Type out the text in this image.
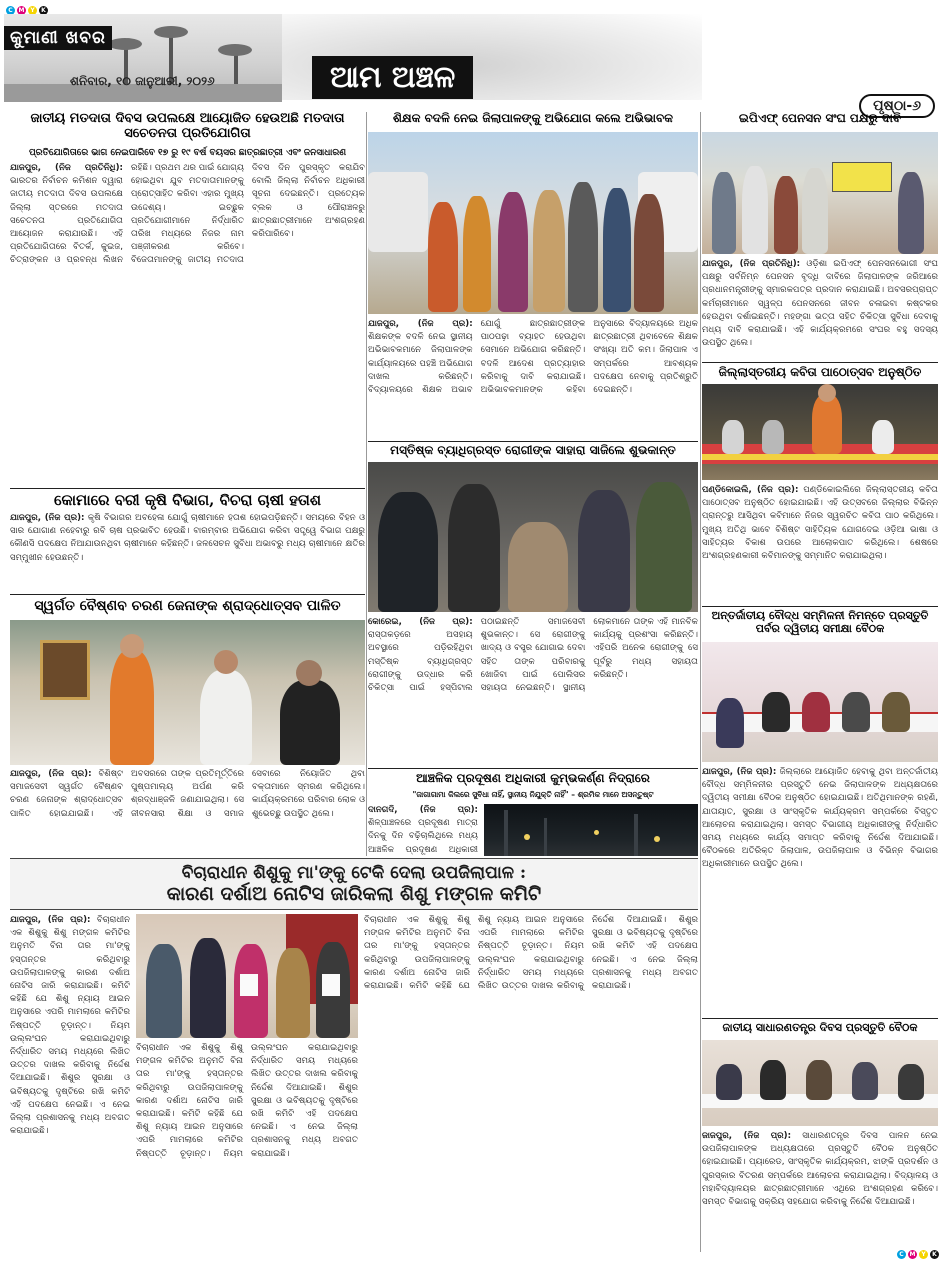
C M Y	K
କୁମାଣୀ ଖବର
ଶନିବାର, ୧୦ ଜାନୁଆରୀ, ୨୦୨୬	ଆମ ଅଞ୍ଚଳ
ପୃଷ୍ଠା-୬
ଜାତୀୟ ମତଦାତା ଦିବସ ଉପଲକ୍ଷେ ଆୟୋଜିତ ହେଉଅଛି ମତଦାତା ସଚେତନତା ପ୍ରତିଯୋଗିତା
ପ୍ରତିଯୋଗିତାରେ ଭାଗ ନେଇପାରିବେ ୧୭ ରୁ ୧୯ ବର୍ଷ ବୟସର ଛାତ୍ରଛାତ୍ରୀ ଏବଂ ଜନସାଧାରଣ
ଯାଜପୁର, (ନିଜ ପ୍ରତିନିଧି): ଭାରତର ନିର୍ବାଚନ କମିଶନ ଦ୍ୱାରା ଜାତୀୟ ମତଦାତା ଦିବସ ଉପଲକ୍ଷେ ଜିଲ୍ଲା ସ୍ତରରେ ମତଦାତା ସଚେତନତା ପ୍ରତିଯୋଗିତା ଆୟୋଜନ କରାଯାଉଛି। ଏହି ପ୍ରତିଯୋଗିତାରେ ବିତର୍କ, କୁଇଜ, ଚିତ୍ରାଙ୍କନ ଓ ପ୍ରବନ୍ଧ ଲିଖନ ରହିଛି। ପ୍ରଥମ ଥର ପାଇଁ ଯୋଗ୍ୟ ହୋଇଥିବା ଯୁବ ମତଦାତାମାନଙ୍କୁ ପ୍ରୋତ୍ସାହିତ କରିବା ଏହାର ମୁଖ୍ୟ ଉଦ୍ଦେଶ୍ୟ। ଇଚ୍ଛୁକ ପ୍ରତିଯୋଗୀମାନେ ନିର୍ଦ୍ଧାରିତ ତାରିଖ ମଧ୍ୟରେ ନିଜର ନାମ ପଞ୍ଜୀକରଣ କରିବେ। ବିଜେତାମାନଙ୍କୁ ଜାତୀୟ ମତଦାତା ଦିବସ ଦିନ ପୁରସ୍କୃତ କରାଯିବ ବୋଲି ଜିଲ୍ଲା ନିର୍ବାଚନ ଅଧିକାରୀ ସୂଚନା ଦେଇଛନ୍ତି। ପ୍ରତ୍ୟେକ ବ୍ଲକ ଓ ପୌରାଞ୍ଚଳରୁ ଛାତ୍ରଛାତ୍ରୀମାନେ ଅଂଶଗ୍ରହଣ କରିପାରିବେ।
କୋମାରେ ବରୀ କୃଷି ବିଭାଗ, ବିଚରା ଚାଷୀ ହତାଶ
ଯାଜପୁର, (ନିଜ ପ୍ର): କୃଷି ବିଭାଗର ଅବହେଳା ଯୋଗୁଁ ଚାଷୀମାନେ ହତାଶ ହୋଇପଡ଼ିଛନ୍ତି। ସମୟରେ ବିହନ ଓ ସାର ଯୋଗାଣ ନହେବାରୁ ରବି ଚାଷ ପ୍ରଭାବିତ ହେଉଛି। ବାରମ୍ବାର ଅଭିଯୋଗ କରିବା ସତ୍ତ୍ୱେ ବିଭାଗ ପକ୍ଷରୁ କୌଣସି ପଦକ୍ଷେପ ନିଆଯାଉନଥିବା ଚାଷୀମାନେ କହିଛନ୍ତି। ଜଳସେଚନ ସୁବିଧା ଅଭାବରୁ ମଧ୍ୟ ଚାଷୀମାନେ କ୍ଷତିର ସମ୍ମୁଖୀନ ହେଉଛନ୍ତି।
ସ୍ୱର୍ଗତ ବୈଷ୍ଣବ ଚରଣ ଜେନାଙ୍କ ଶ୍ରାଦ୍ଧୋତ୍ସବ ପାଳିତ
ଯାଜପୁର, (ନିଜ ପ୍ର): ବିଶିଷ୍ଟ ସମାଜସେବୀ ସ୍ୱର୍ଗତ ବୈଷ୍ଣବ ଚରଣ ଜେନାଙ୍କ ଶ୍ରାଦ୍ଧୋତ୍ସବ ପାଳିତ ହୋଇଯାଇଛି। ଏହି ଅବସରରେ ତାଙ୍କ ପ୍ରତିମୂର୍ତ୍ତିରେ ପୁଷ୍ପମାଲ୍ୟ ଅର୍ପଣ କରି ଶ୍ରଦ୍ଧାଞ୍ଜଳି ଜଣାଯାଇଥିଲା। ସେ ଜୀବନସାରା ଶିକ୍ଷା ଓ ସମାଜ ସେବାରେ ନିୟୋଜିତ ଥିବା ବକ୍ତାମାନେ ସ୍ମରଣ କରିଥିଲେ। କାର୍ଯ୍ୟକ୍ରମରେ ପରିବାର ଲୋକ ଓ ଶୁଭେଚ୍ଛୁ ଉପସ୍ଥିତ ଥିଲେ।
ଶିକ୍ଷକ ବଦଳି ନେଇ ଜିଲାପାଳଙ୍କୁ ଅଭିଯୋଗ କଲେ ଅଭିଭାବକ
ଯାଜପୁର, (ନିଜ ପ୍ର): ଶିକ୍ଷକଙ୍କ ବଦଳି ନେଇ ସ୍ଥାନୀୟ ଅଭିଭାବକମାନେ ଜିଲାପାଳଙ୍କ କାର୍ଯ୍ୟାଳୟରେ ପହଞ୍ଚି ଅଭିଯୋଗ ଦାଖଲ କରିଛନ୍ତି। ବିଦ୍ୟାଳୟରେ ଶିକ୍ଷକ ଅଭାବ ଯୋଗୁଁ ଛାତ୍ରଛାତ୍ରୀଙ୍କ ପାଠପଢ଼ା ବ୍ୟାହତ ହେଉଥିବା ସେମାନେ ଅଭିଯୋଗ କରିଛନ୍ତି। ବଦଳି ଆଦେଶ ପ୍ରତ୍ୟାହାର କରିବାକୁ ଦାବି କରାଯାଇଛି। ଅଭିଭାବକମାନଙ୍କ କହିବା ଅନୁସାରେ ବିଦ୍ୟାଳୟରେ ଅଧିକ ଛାତ୍ରଛାତ୍ରୀ ଥିବାବେଳେ ଶିକ୍ଷକ ସଂଖ୍ୟା ଅତି କମ। ଜିଲାପାଳ ଏ ସମ୍ପର୍କରେ ଆବଶ୍ୟକ ପଦକ୍ଷେପ ନେବାକୁ ପ୍ରତିଶ୍ରୁତି ଦେଇଛନ୍ତି।
ମସ୍ତିଷ୍କ ବ୍ୟାଧିଗ୍ରସ୍ତ ରୋଗୀଙ୍କ ସାହାରା ସାଜିଲେ ଶୁଭକାନ୍ତ
କୋରେଇ, (ନିଜ ପ୍ର): ରାସ୍ତାକଡ଼ରେ ଅସହାୟ ଅବସ୍ଥାରେ ପଡ଼ିରହିଥିବା ମସ୍ତିଷ୍କ ବ୍ୟାଧିଗ୍ରସ୍ତ ରୋଗୀଙ୍କୁ ଉଦ୍ଧାର କରି ଚିକିତ୍ସା ପାଇଁ ହସ୍ପିଟାଲ ପଠାଇଛନ୍ତି ସମାଜସେବୀ ଶୁଭକାନ୍ତ। ସେ ରୋଗୀଙ୍କୁ ଖାଦ୍ୟ ଓ ବସ୍ତ୍ର ଯୋଗାଇ ଦେବା ସହିତ ତାଙ୍କ ପରିବାରକୁ ଖୋଜିବା ପାଇଁ ପୋଲିସର ସହାୟତା ନେଇଛନ୍ତି। ସ୍ଥାନୀୟ ଲୋକମାନେ ତାଙ୍କ ଏହି ମାନବିକ କାର୍ଯ୍ୟକୁ ପ୍ରଶଂସା କରିଛନ୍ତି। ଏହିପରି ଅନେକ ରୋଗୀଙ୍କୁ ସେ ପୂର୍ବରୁ ମଧ୍ୟ ସହାୟତା କରିଛନ୍ତି।
ଆଞ୍ଚଳିକ ପ୍ରଦୂଷଣ ଅଧିକାରୀ କୁମ୍ଭକର୍ଣ୍ଣ ନିଦ୍ରାରେ
"ଜାଗାଗାମା କିଲରେ ସୁବିଧା ନାହିଁ, ସ୍ଥାନୀୟ ନିଯୁକ୍ତି ନାହିଁ" – ଶ୍ରମିକ ମାନେ ଅସନ୍ତୁଷ୍ଟ
ଦାନଗଦି, (ନିଜ ପ୍ର): ଶିଳ୍ପାଞ୍ଚଳରେ ପ୍ରଦୂଷଣ ମାତ୍ରା ଦିନକୁ ଦିନ ବଢ଼ିଚାଲିଥିଲେ ମଧ୍ୟ ଆଞ୍ଚଳିକ ପ୍ରଦୂଷଣ ଅଧିକାରୀ
ଇପିଏଫ୍ ପେନସନ ସଂଘ ପକ୍ଷରୁ ଦାବି
ଯାଜପୁର, (ନିଜ ପ୍ରତିନିଧି): ଓଡ଼ିଶା ଇପିଏଫ୍ ପେନସନଭୋଗୀ ସଂଘ ପକ୍ଷରୁ ସର୍ବନିମ୍ନ ପେନସନ ବୃଦ୍ଧି ଦାବିରେ ଜିଲାପାଳଙ୍କ ଜରିଆରେ ପ୍ରଧାନମନ୍ତ୍ରୀଙ୍କୁ ସ୍ମାରକପତ୍ର ପ୍ରଦାନ କରାଯାଇଛି। ଅବସରପ୍ରାପ୍ତ କର୍ମଚାରୀମାନେ ସ୍ୱଳ୍ପ ପେନସନରେ ଜୀବନ ଚଳାଇବା କଷ୍ଟକର ହେଉଥିବା ଦର୍ଶାଇଛନ୍ତି। ମହଙ୍ଗା ଭତ୍ତା ସହିତ ଚିକିତ୍ସା ସୁବିଧା ଦେବାକୁ ମଧ୍ୟ ଦାବି କରାଯାଇଛି। ଏହି କାର୍ଯ୍ୟକ୍ରମରେ ସଂଘର ବହୁ ସଦସ୍ୟ ଉପସ୍ଥିତ ଥିଲେ।
ଜିଲ୍ଲାସ୍ତରୀୟ କବିତା ପାଠୋତ୍ସବ ଅନୁଷ୍ଠିତ
ପଣ୍ଡିକୋଇଲି, (ନିଜ ପ୍ର): ପଣ୍ଡିକୋଇଲିରେ ଜିଲ୍ଲାସ୍ତରୀୟ କବିତା ପାଠୋତ୍ସବ ଅନୁଷ୍ଠିତ ହୋଇଯାଇଛି। ଏହି ଉତ୍ସବରେ ଜିଲ୍ଲାର ବିଭିନ୍ନ ପ୍ରାନ୍ତରୁ ଆସିଥିବା କବିମାନେ ନିଜର ସ୍ୱରଚିତ କବିତା ପାଠ କରିଥିଲେ। ମୁଖ୍ୟ ଅତିଥି ଭାବେ ବିଶିଷ୍ଟ ସାହିତ୍ୟିକ ଯୋଗଦେଇ ଓଡ଼ିଆ ଭାଷା ଓ ସାହିତ୍ୟର ବିକାଶ ଉପରେ ଆଲୋକପାତ କରିଥିଲେ। ଶେଷରେ ଅଂଶଗ୍ରହଣକାରୀ କବିମାନଙ୍କୁ ସମ୍ମାନିତ କରାଯାଇଥିଲା।
ଅନ୍ତର୍ଜାତୀୟ ବୌଦ୍ଧ ସମ୍ମିଳନୀ ନିମନ୍ତେ ପ୍ରସ୍ତୁତି ପର୍ବର ଦ୍ୱିତୀୟ ସମୀକ୍ଷା ବୈଠକ
ଯାଜପୁର, (ନିଜ ପ୍ର): ଜିଲ୍ଲାରେ ଆୟୋଜିତ ହେବାକୁ ଥିବା ଅନ୍ତର୍ଜାତୀୟ ବୌଦ୍ଧ ସମ୍ମିଳନୀର ପ୍ରସ୍ତୁତି ନେଇ ଜିଲାପାଳଙ୍କ ଅଧ୍ୟକ୍ଷତାରେ ଦ୍ୱିତୀୟ ସମୀକ୍ଷା ବୈଠକ ଅନୁଷ୍ଠିତ ହୋଇଯାଇଛି। ଅତିଥିମାନଙ୍କ ରହଣି, ଯାତାୟାତ, ସୁରକ୍ଷା ଓ ସାଂସ୍କୃତିକ କାର୍ଯ୍ୟକ୍ରମ ସମ୍ପର୍କରେ ବିସ୍ତୃତ ଆଲୋଚନା କରାଯାଇଥିଲା। ସମସ୍ତ ବିଭାଗୀୟ ଅଧିକାରୀଙ୍କୁ ନିର୍ଦ୍ଧାରିତ ସମୟ ମଧ୍ୟରେ କାର୍ଯ୍ୟ ସମାପ୍ତ କରିବାକୁ ନିର୍ଦ୍ଦେଶ ଦିଆଯାଇଛି। ବୈଠକରେ ଅତିରିକ୍ତ ଜିଲାପାଳ, ଉପଜିଲାପାଳ ଓ ବିଭିନ୍ନ ବିଭାଗର ଅଧିକାରୀମାନେ ଉପସ୍ଥିତ ଥିଲେ।
ବିଚାରାଧୀନ ଶିଶୁକୁ ମା'ଙ୍କୁ ଟେକି ଦେଲା ଉପଜିଲାପାଳ :
କାରଣ ଦର୍ଶାଅ ନୋଟିସ ଜାରିକଲା ଶିଶୁ ମଙ୍ଗଳ କମିଟି
ଯାଜପୁର, (ନିଜ ପ୍ର): ବିଚାରାଧୀନ ଏକ ଶିଶୁକୁ ଶିଶୁ ମଙ୍ଗଳ କମିଟିର ଅନୁମତି ବିନା ତାର ମା'ଙ୍କୁ ହସ୍ତାନ୍ତର କରିଥିବାରୁ ଉପଜିଲାପାଳଙ୍କୁ କାରଣ ଦର୍ଶାଅ ନୋଟିସ ଜାରି କରାଯାଇଛି। କମିଟି କହିଛି ଯେ ଶିଶୁ ନ୍ୟାୟ ଆଇନ ଅନୁସାରେ ଏପରି ମାମଲାରେ କମିଟିର ନିଷ୍ପତ୍ତି ଚୂଡ଼ାନ୍ତ। ନିୟମ ଉଲ୍ଲଂଘନ କରାଯାଇଥିବାରୁ ନିର୍ଦ୍ଧାରିତ ସମୟ ମଧ୍ୟରେ ଲିଖିତ ଉତ୍ତର ଦାଖଲ କରିବାକୁ ନିର୍ଦ୍ଦେଶ ଦିଆଯାଇଛି। ଶିଶୁର ସୁରକ୍ଷା ଓ ଭବିଷ୍ୟତକୁ ଦୃଷ୍ଟିରେ ରଖି କମିଟି ଏହି ପଦକ୍ଷେପ ନେଇଛି। ଏ ନେଇ ଜିଲ୍ଲା ପ୍ରଶାସନକୁ ମଧ୍ୟ ଅବଗତ କରାଯାଇଛି।
ବିଚାରାଧୀନ ଏକ ଶିଶୁକୁ ଶିଶୁ ମଙ୍ଗଳ କମିଟିର ଅନୁମତି ବିନା ତାର ମା'ଙ୍କୁ ହସ୍ତାନ୍ତର କରିଥିବାରୁ ଉପଜିଲାପାଳଙ୍କୁ କାରଣ ଦର୍ଶାଅ ନୋଟିସ ଜାରି କରାଯାଇଛି। କମିଟି କହିଛି ଯେ ଶିଶୁ ନ୍ୟାୟ ଆଇନ ଅନୁସାରେ ଏପରି ମାମଲାରେ କମିଟିର ନିଷ୍ପତ୍ତି ଚୂଡ଼ାନ୍ତ। ନିୟମ ଉଲ୍ଲଂଘନ କରାଯାଇଥିବାରୁ ନିର୍ଦ୍ଧାରିତ ସମୟ ମଧ୍ୟରେ ଲିଖିତ ଉତ୍ତର ଦାଖଲ କରିବାକୁ ନିର୍ଦ୍ଦେଶ ଦିଆଯାଇଛି। ଶିଶୁର ସୁରକ୍ଷା ଓ ଭବିଷ୍ୟତକୁ ଦୃଷ୍ଟିରେ ରଖି କମିଟି ଏହି ପଦକ୍ଷେପ ନେଇଛି। ଏ ନେଇ ଜିଲ୍ଲା ପ୍ରଶାସନକୁ ମଧ୍ୟ ଅବଗତ କରାଯାଇଛି।
ବିଚାରାଧୀନ ଏକ ଶିଶୁକୁ ଶିଶୁ ମଙ୍ଗଳ କମିଟିର ଅନୁମତି ବିନା ତାର ମା'ଙ୍କୁ ହସ୍ତାନ୍ତର କରିଥିବାରୁ ଉପଜିଲାପାଳଙ୍କୁ କାରଣ ଦର୍ଶାଅ ନୋଟିସ ଜାରି କରାଯାଇଛି। କମିଟି କହିଛି ଯେ ଶିଶୁ ନ୍ୟାୟ ଆଇନ ଅନୁସାରେ ଏପରି ମାମଲାରେ କମିଟିର ନିଷ୍ପତ୍ତି ଚୂଡ଼ାନ୍ତ। ନିୟମ ଉଲ୍ଲଂଘନ କରାଯାଇଥିବାରୁ ନିର୍ଦ୍ଧାରିତ ସମୟ ମଧ୍ୟରେ ଲିଖିତ ଉତ୍ତର ଦାଖଲ କରିବାକୁ ନିର୍ଦ୍ଦେଶ ଦିଆଯାଇଛି। ଶିଶୁର ସୁରକ୍ଷା ଓ ଭବିଷ୍ୟତକୁ ଦୃଷ୍ଟିରେ ରଖି କମିଟି ଏହି ପଦକ୍ଷେପ ନେଇଛି। ଏ ନେଇ ଜିଲ୍ଲା ପ୍ରଶାସନକୁ ମଧ୍ୟ ଅବଗତ କରାଯାଇଛି।
ଜାତୀୟ ସାଧାରଣତନ୍ତ୍ର ଦିବସ ପ୍ରସ୍ତୁତି ବୈଠକ
ଜାଜପୁର, (ନିଜ ପ୍ର): ସାଧାରଣତନ୍ତ୍ର ଦିବସ ପାଳନ ନେଇ ଉପଜିଲାପାଳଙ୍କ ଅଧ୍ୟକ୍ଷତାରେ ପ୍ରସ୍ତୁତି ବୈଠକ ଅନୁଷ୍ଠିତ ହୋଇଯାଇଛି। ପ୍ୟାରେଡ, ସାଂସ୍କୃତିକ କାର୍ଯ୍ୟକ୍ରମ, ଝାଙ୍କି ପ୍ରଦର୍ଶନ ଓ ପୁରସ୍କାର ବିତରଣ ସମ୍ପର୍କରେ ଆଲୋଚନା କରାଯାଇଥିଲା। ବିଦ୍ୟାଳୟ ଓ ମହାବିଦ୍ୟାଳୟର ଛାତ୍ରଛାତ୍ରୀମାନେ ଏଥିରେ ଅଂଶଗ୍ରହଣ କରିବେ। ସମସ୍ତ ବିଭାଗକୁ ସକ୍ରିୟ ସହଯୋଗ କରିବାକୁ ନିର୍ଦ୍ଦେଶ ଦିଆଯାଇଛି।
C M Y	K
